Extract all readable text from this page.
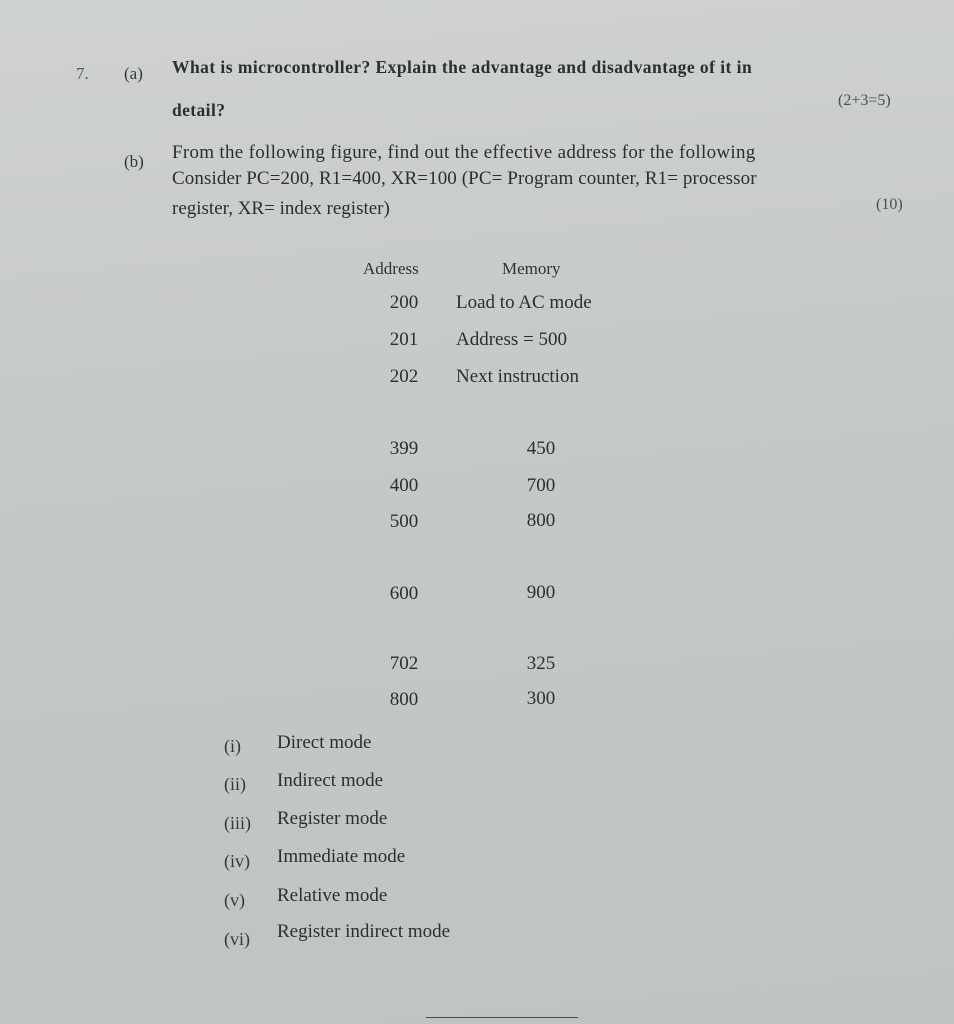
7. (a) What is microcontroller? Explain the advantage and disadvantage of it in
detail?	(2+3=5)
(b) From the following figure, find out the effective address for the following
Consider PC=200, R1=400, XR=100 (PC= Program counter, R1= processor
register, XR= index register)	(10)
Address	Memory
200	Load to AC mode
201	Address = 500
202	Next instruction
399	450
400	700
500	800
600	900
702	325
800	300
(i) Direct mode
(ii) Indirect mode
(iii) Register mode
(iv) Immediate mode
(v) Relative mode
(vi) Register indirect mode
